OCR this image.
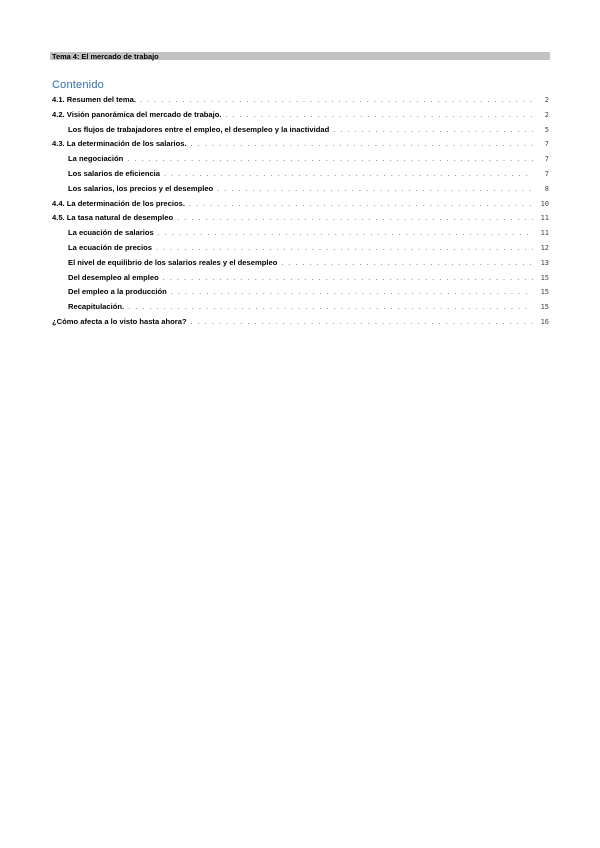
Tema 4: El mercado de trabajo
Contenido
4.1. Resumen del tema. . . .	2
4.2. Visión panorámica del mercado de trabajo. . . .	2
Los flujos de trabajadores entre el empleo, el desempleo y la inactividad . . .	5
4.3. La determinación de los salarios. . . .	7
La negociación . . .	7
Los salarios de eficiencia . . .	7
Los salarios, los precios y el desempleo . . .	8
4.4. La determinación de los precios. . . .	10
4.5. La tasa natural de desempleo . . .	11
La ecuación de salarios . . .	11
La ecuación de precios . . .	12
El nivel de equilibrio de los salarios reales y el desempleo . . .	13
Del desempleo al empleo . . .	15
Del empleo a la producción . . .	15
Recapitulación. . . .	15
¿Cómo afecta a lo visto hasta ahora? . . .	16
